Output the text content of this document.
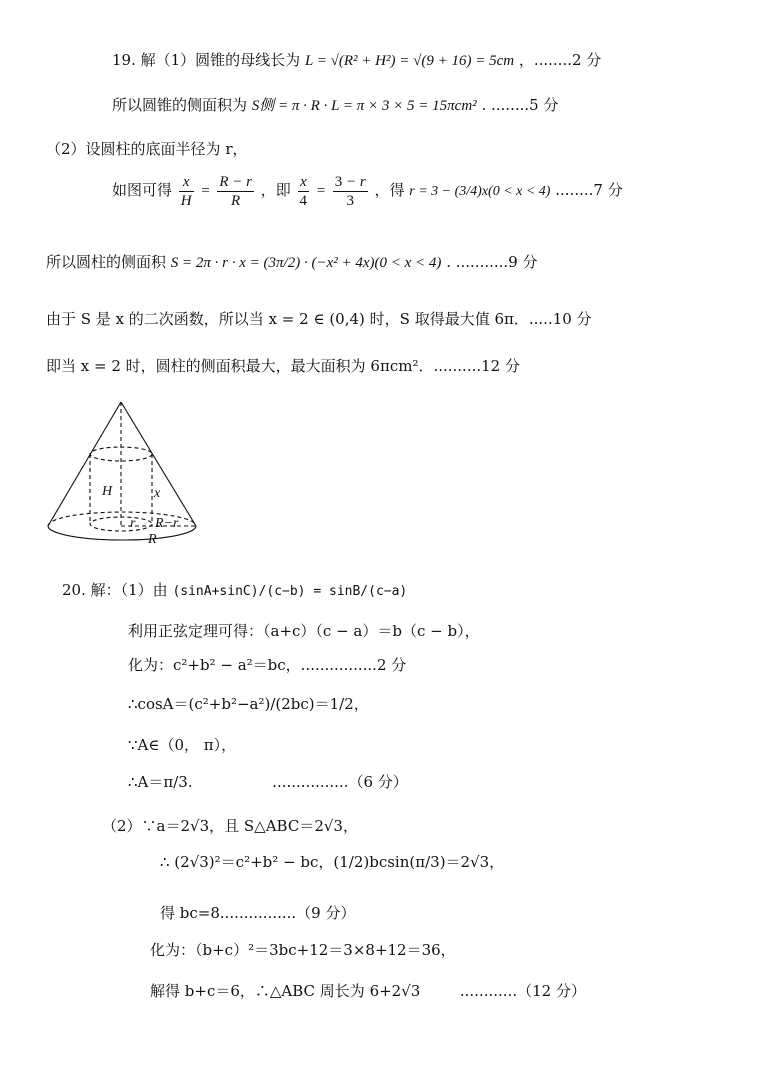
19. 解（1）圆锥的母线长为 L = √(R² + H²) = √(9 + 16) = 5cm ，........2 分
所以圆锥的侧面积为 S侧 = π · R · L = π × 3 × 5 = 15πcm² . ........5 分
（2）设圆柱的底面半径为 r，
如图可得 $\frac{x}{H} = \frac{R - r}{R}$ ，即 $\frac{x}{4} = \frac{3 - r}{3}$ ，得 r = 3 − (3/4)x(0 < x < 4) ........7 分
所以圆柱的侧面积 S = 2π · r · x = (3π/2) · (−x² + 4x)(0 < x < 4) . ...........9 分
由于 S 是 x 的二次函数，所以当 x = 2 ∈ (0,4) 时，S 取得最大值 6π．.....10 分
即当 x = 2 时，圆柱的侧面积最大，最大面积为 6πcm²．..........12 分
H	x
r R−r
R
20. 解：（1）由 (sinA+sinC)/(c−b) = sinB/(c−a)
利用正弦定理可得：（a+c）（c − a）＝b（c − b），
化为：c²+b² − a²＝bc，................2 分
∴cosA＝(c²+b²−a²)/(2bc)＝1/2，
∵A∈（0， π），
∴A＝π/3.	................（6 分）
（2）∵a＝2√3，且 S△ABC＝2√3，
∴ (2√3)²＝c²+b² − bc，(1/2)bcsin(π/3)＝2√3，
得 bc=8................（9 分）
化为：（b+c）²＝3bc+12＝3×8+12＝36，
解得 b+c＝6，∴△ABC 周长为 6+2√3	............（12 分）
